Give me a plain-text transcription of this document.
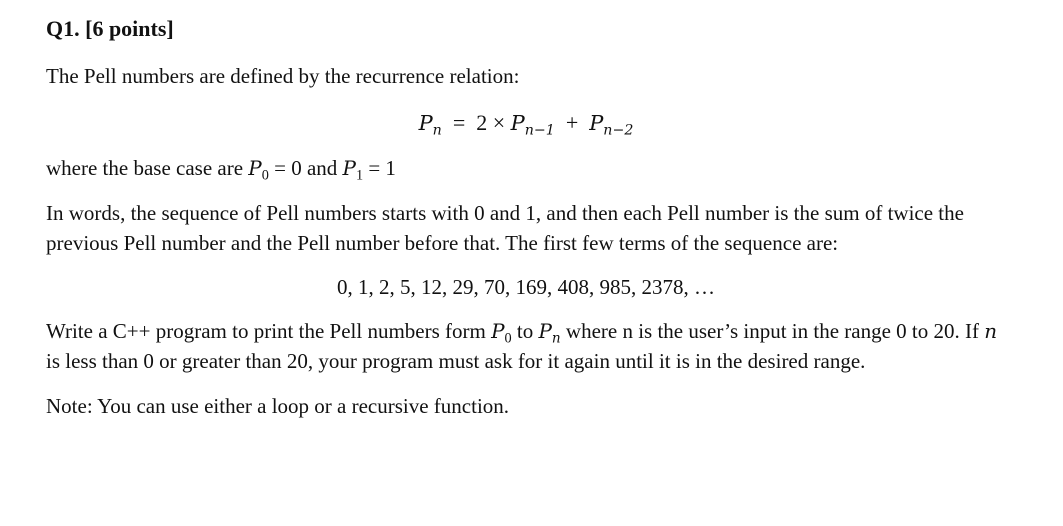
Q1. [6 points]

The Pell numbers are defined by the recurrence relation:

$P_n = 2 \times P_{n-1} + P_{n-2}$

where the base case are $P_0 = 0$ and $P_1 = 1$

In words, the sequence of Pell numbers starts with 0 and 1, and then each Pell number is the sum of twice the previous Pell number and the Pell number before that. The first few terms of the sequence are:

0, 1, 2, 5, 12, 29, 70, 169, 408, 985, 2378, …

Write a C++ program to print the Pell numbers form $P_0$ to $P_n$ where n is the user’s input in the range 0 to 20. If n is less than 0 or greater than 20, your program must ask for it again until it is in the desired range.

Note: You can use either a loop or a recursive function.
